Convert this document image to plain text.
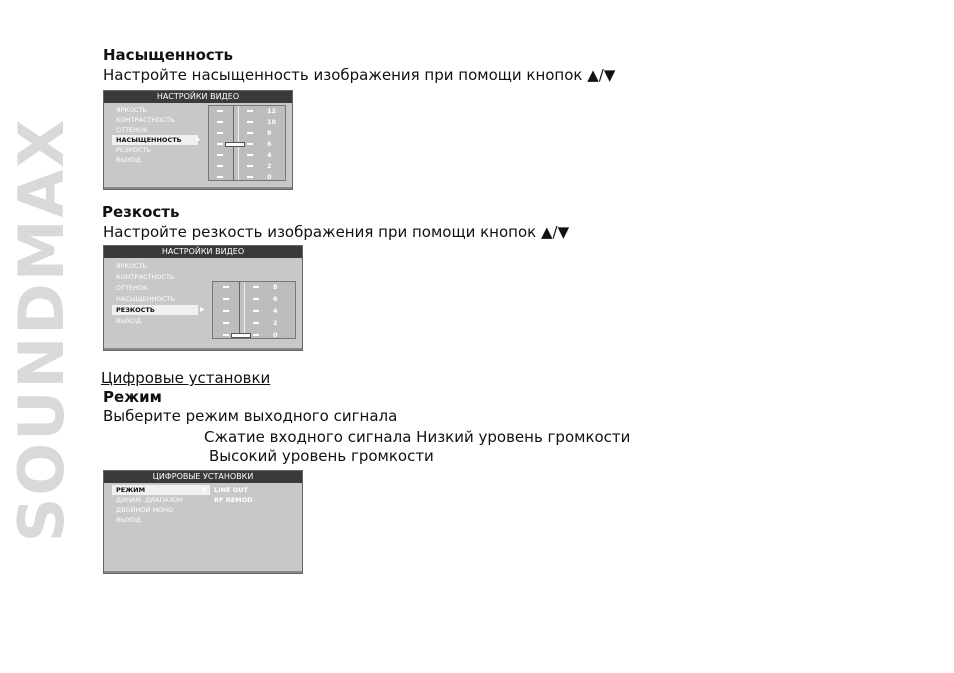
SOUNDMAX
Насыщенность
Настройте насыщенность изображения при помощи кнопок ▲/▼
НАСТРОЙКИ ВИДЕО
ЯРКОСТЬ
КОНТРАСТНОСТЬ
ОТТЕНОК
НАСЫЩЕННОСТЬ	▶
РЕЗКОСТЬ
ВЫХОД.
12
10
8
6
4
2
0
Резкость
Настройте резкость изображения при помощи кнопок ▲/▼
НАСТРОЙКИ ВИДЕО
ЯРКОСТЬ
КОНТРАСТНОСТЬ
ОТТЕНОК
НАСЫЩЕННОСТЬ
РЕЗКОСТЬ	▶
ВЫХОД.
8
6
4
2
0
Цифровые установки
Режим
Выберите режим выходного сигнала
Сжатие входного сигнала Низкий уровень громкости
Высокий уровень громкости
ЦИФРОВЫЕ УСТАНОВКИ
РЕЖИМ	▶
ДИНАМ. ДИАПАЗОН
ДВОЙНОЙ МОНО
ВЫХОД.
LINE OUT
RF REMOD
